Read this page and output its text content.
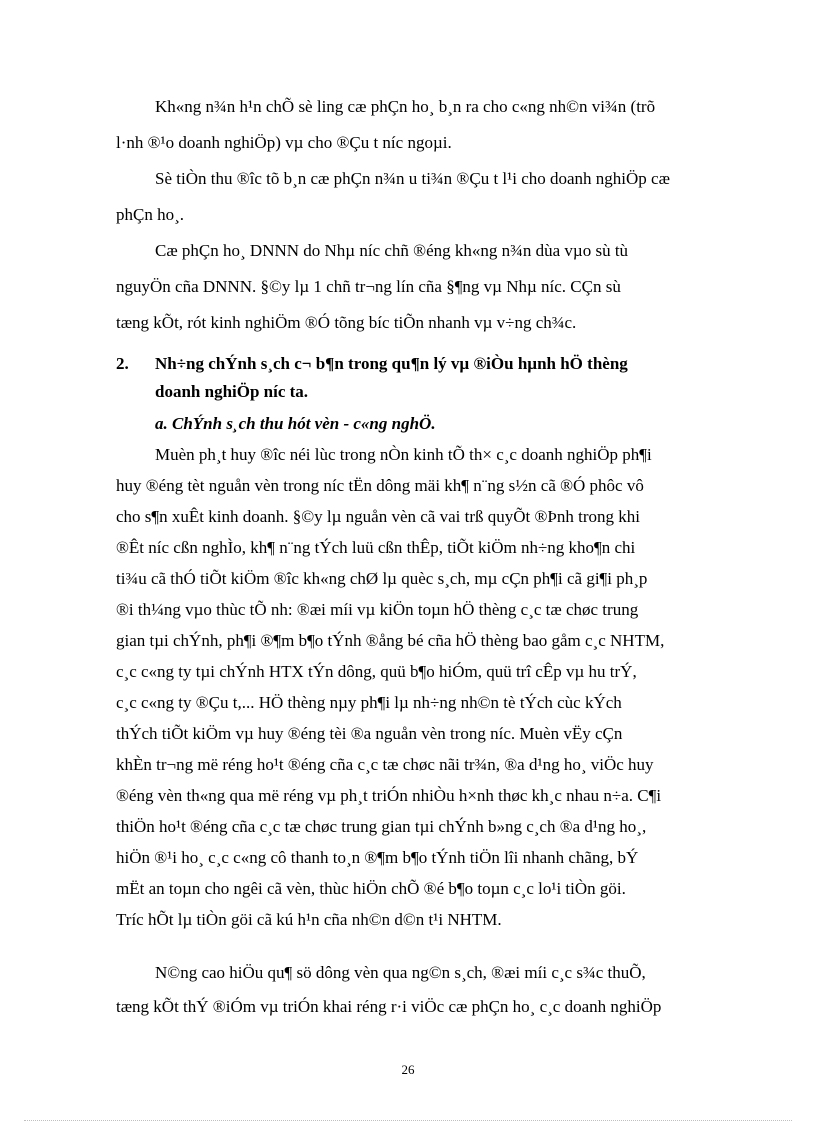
Kh«ng n¾n h¹n chÕ sè ling cæ phÇn ho¸ b¸n ra cho c«ng nh©n vi¾n (trõ
l·nh ®¹o doanh nghiÖp) vµ cho ®Çu t níc ngoµi.
Sè tiÒn thu ®îc tõ b¸n cæ phÇn n¾n u ti¾n ®Çu t l¹i cho doanh nghiÖp cæ
phÇn ho¸.
Cæ phÇn ho¸ DNNN do Nhµ níc chñ ®éng kh«ng n¾n dùa vµo sù tù
nguyÖn cña DNNN. §©y lµ 1 chñ tr¬ng lín cña §¶ng vµ Nhµ níc. CÇn sù
tæng kÕt, rót kinh nghiÖm ®Ó tõng bíc tiÕn nhanh vµ v÷ng ch¾c.
2. Nh÷ng chÝnh s¸ch c¬ b¶n trong qu¶n lý vµ ®iÒu hµnh hÖ thèng
doanh nghiÖp níc ta.
a. ChÝnh s¸ch thu hót vèn - c«ng nghÖ.
Muèn ph¸t huy ®îc néi lùc trong nÒn kinh tÕ th× c¸c doanh nghiÖp ph¶i
huy ®éng tèt nguån vèn trong níc tËn dông mäi kh¶ n¨ng s½n cã ®Ó phôc vô
cho s¶n xuÊt kinh doanh. §©y lµ nguån vèn cã vai trß quyÕt ®Þnh trong khi
®Êt níc cßn nghÌo, kh¶ n¨ng tÝch luü cßn thÊp, tiÕt kiÖm nh÷ng kho¶n chi
ti¾u cã thÓ tiÕt kiÖm ®îc kh«ng chØ lµ quèc s¸ch, mµ cÇn ph¶i cã gi¶i ph¸p
®i th¼ng vµo thùc tÕ nh: ®æi míi vµ kiÖn toµn hÖ thèng c¸c tæ chøc trung
gian tµi chÝnh, ph¶i ®¶m b¶o tÝnh ®ång bé cña hÖ thèng bao gåm c¸c NHTM,
c¸c c«ng ty tµi chÝnh HTX tÝn dông, quü b¶o hiÓm, quü trî cÊp vµ hu trÝ,
c¸c c«ng ty ®Çu t,... HÖ thèng nµy ph¶i lµ nh÷ng nh©n tè tÝch cùc kÝch
thÝch tiÕt kiÖm vµ huy ®éng tèi ®a nguån vèn trong níc. Muèn vËy cÇn
khÈn tr¬ng më réng ho¹t ®éng cña c¸c tæ chøc nãi tr¾n, ®a d¹ng ho¸ viÖc huy
®éng vèn th«ng qua më réng vµ ph¸t triÓn nhiÒu h×nh thøc kh¸c nhau n÷a. C¶i
thiÖn ho¹t ®éng cña c¸c tæ chøc trung gian tµi chÝnh b»ng c¸ch ®a d¹ng ho¸,
hiÖn ®¹i ho¸ c¸c c«ng cô thanh to¸n ®¶m b¶o tÝnh tiÖn lîi nhanh chãng, bÝ
mËt an toµn cho ngêi cã vèn, thùc hiÖn chÕ ®é b¶o toµn c¸c lo¹i tiÒn göi.
Tríc hÕt lµ tiÒn göi cã kú h¹n cña nh©n d©n t¹i NHTM.
N©ng cao hiÖu qu¶ sö dông vèn qua ng©n s¸ch, ®æi míi c¸c s¾c thuÕ,
tæng kÕt thÝ ®iÓm vµ triÓn khai réng r·i viÖc cæ phÇn ho¸ c¸c doanh nghiÖp
26
